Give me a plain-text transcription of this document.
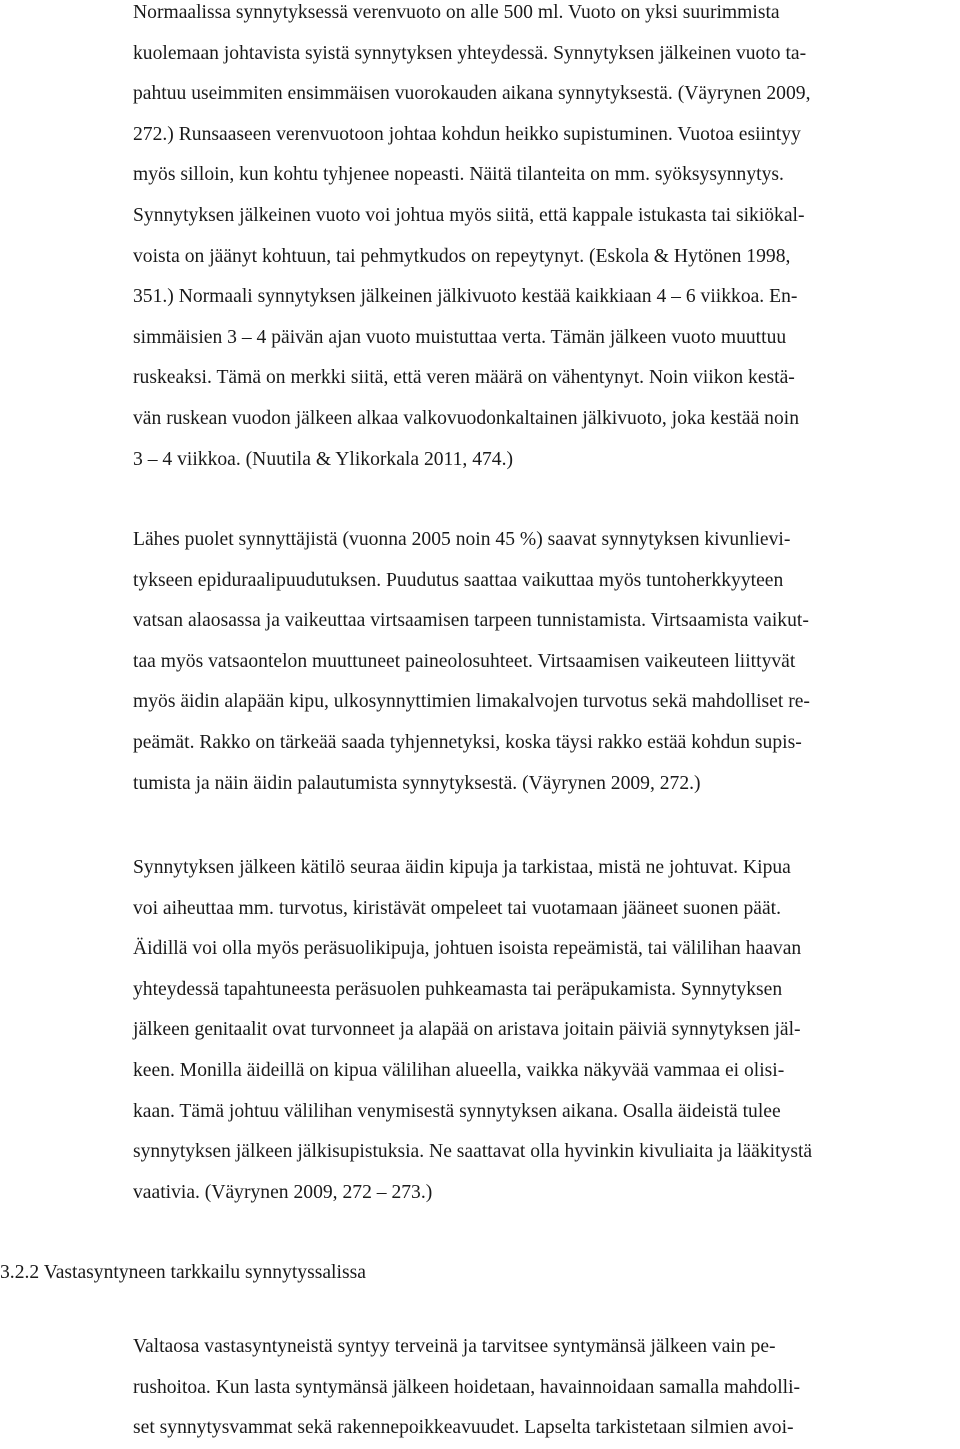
Normaalissa synnytyksessä verenvuoto on alle 500 ml. Vuoto on yksi suurimmista
kuolemaan johtavista syistä synnytyksen yhteydessä. Synnytyksen jälkeinen vuoto ta-
pahtuu useimmiten ensimmäisen vuorokauden aikana synnytyksestä. (Väyrynen 2009,
272.) Runsaaseen verenvuotoon johtaa kohdun heikko supistuminen. Vuotoa esiintyy
myös silloin, kun kohtu tyhjenee nopeasti. Näitä tilanteita on mm. syöksysynnytys.
Synnytyksen jälkeinen vuoto voi johtua myös siitä, että kappale istukasta tai sikiökal-
voista on jäänyt kohtuun, tai pehmytkudos on repeytynyt. (Eskola & Hytönen 1998,
351.) Normaali synnytyksen jälkeinen jälkivuoto kestää kaikkiaan 4 – 6 viikkoa. En-
simmäisien 3 – 4 päivän ajan vuoto muistuttaa verta. Tämän jälkeen vuoto muuttuu
ruskeaksi. Tämä on merkki siitä, että veren määrä on vähentynyt. Noin viikon kestä-
vän ruskean vuodon jälkeen alkaa valkovuodonkaltainen jälkivuoto, joka kestää noin
3 – 4 viikkoa. (Nuutila & Ylikorkala 2011, 474.)
Lähes puolet synnyttäjistä (vuonna 2005 noin 45 %) saavat synnytyksen kivunlievi-
tykseen epiduraalipuudutuksen. Puudutus saattaa vaikuttaa myös tuntoherkkyyteen
vatsan alaosassa ja vaikeuttaa virtsaamisen tarpeen tunnistamista. Virtsaamista vaikut-
taa myös vatsaontelon muuttuneet paineolosuhteet. Virtsaamisen vaikeuteen liittyvät
myös äidin alapään kipu, ulkosynnyttimien limakalvojen turvotus sekä mahdolliset re-
peämät. Rakko on tärkeää saada tyhjennetyksi, koska täysi rakko estää kohdun supis-
tumista ja näin äidin palautumista synnytyksestä. (Väyrynen 2009, 272.)
Synnytyksen jälkeen kätilö seuraa äidin kipuja ja tarkistaa, mistä ne johtuvat. Kipua
voi aiheuttaa mm. turvotus, kiristävät ompeleet tai vuotamaan jääneet suonen päät.
Äidillä voi olla myös peräsuolikipuja, johtuen isoista repeämistä, tai välilihan haavan
yhteydessä tapahtuneesta peräsuolen puhkeamasta tai peräpukamista. Synnytyksen
jälkeen genitaalit ovat turvonneet ja alapää on aristava joitain päiviä synnytyksen jäl-
keen. Monilla äideillä on kipua välilihan alueella, vaikka näkyvää vammaa ei olisi-
kaan. Tämä johtuu välilihan venymisestä synnytyksen aikana. Osalla äideistä tulee
synnytyksen jälkeen jälkisupistuksia. Ne saattavat olla hyvinkin kivuliaita ja lääkitystä
vaativia. (Väyrynen 2009, 272 – 273.)
3.2.2 Vastasyntyneen tarkkailu synnytyssalissa
Valtaosa vastasyntyneistä syntyy terveinä ja tarvitsee syntymänsä jälkeen vain pe-
rushoitoa. Kun lasta syntymänsä jälkeen hoidetaan, havainnoidaan samalla mahdolli-
set synnytysvammat sekä rakennepoikkeavuudet. Lapselta tarkistetaan silmien avoi-
